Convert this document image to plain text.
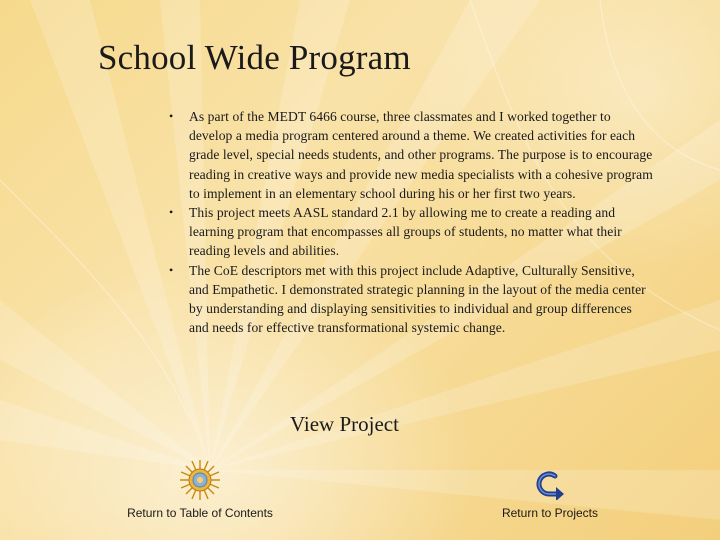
School Wide Program
• As part of the MEDT 6466 course, three classmates and I worked together to develop a media program centered around a theme. We created activities for each grade level, special needs students, and other programs. The purpose is to encourage reading in creative ways and provide new media specialists with a cohesive program to implement in an elementary school during his or her first two years.
• This project meets AASL standard 2.1 by allowing me to create a reading and learning program that encompasses all groups of students, no matter what their reading levels and abilities.
• The CoE descriptors met with this project include Adaptive, Culturally Sensitive, and Empathetic. I demonstrated strategic planning in the layout of the media center by understanding and displaying sensitivities to individual and group differences and needs for effective transformational systemic change.
View Project
Return to Table of Contents	Return to Projects
